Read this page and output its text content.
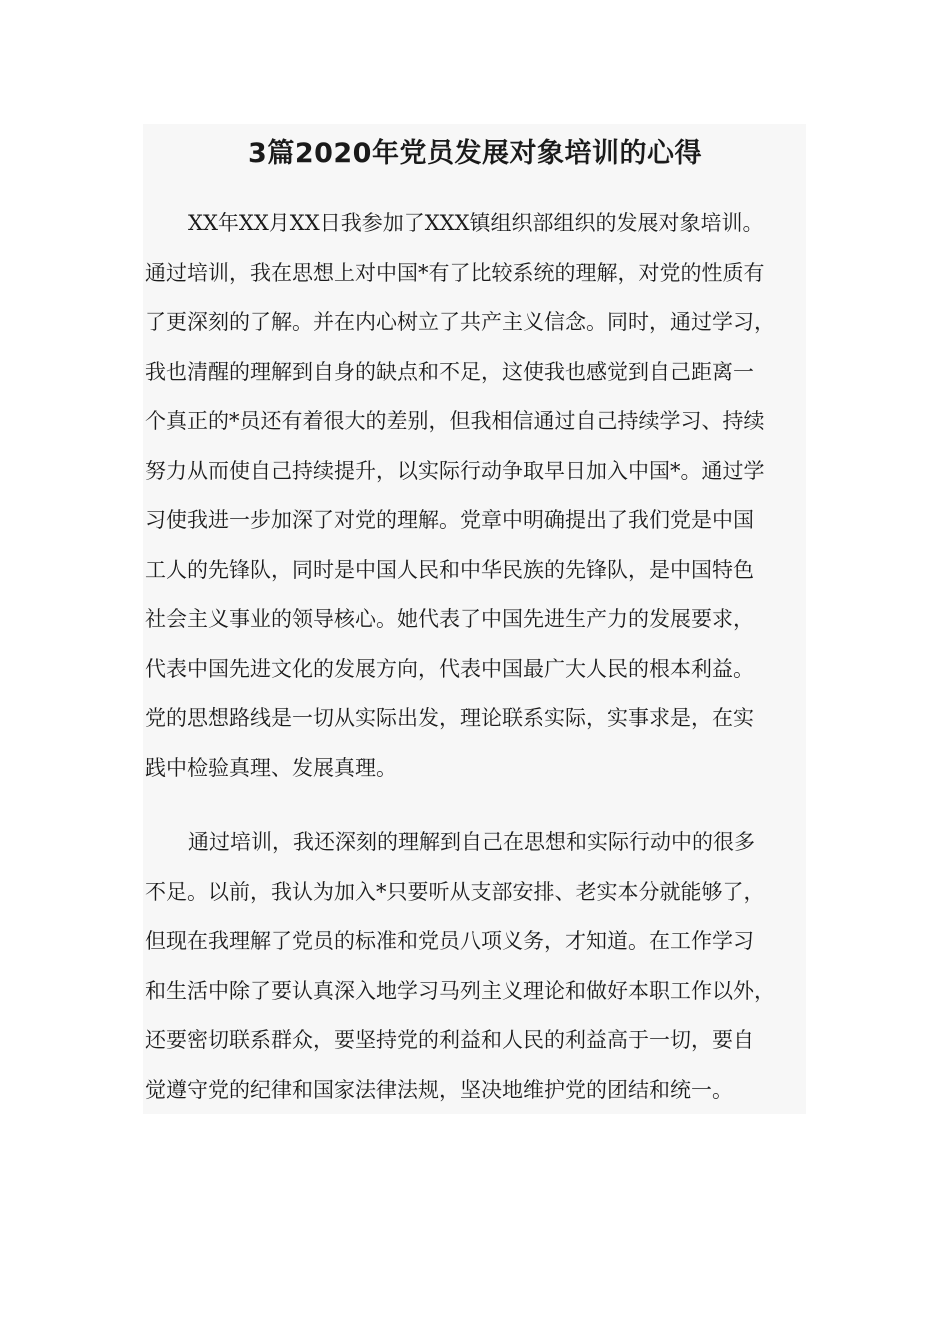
3篇2020年党员发展对象培训的心得

XX年XX月XX日我参加了XXX镇组织部组织的发展对象培训。

通过培训，我在思想上对中国*有了比较系统的理解，对党的性质有

了更深刻的了解。并在内心树立了共产主义信念。同时，通过学习，

我也清醒的理解到自身的缺点和不足，这使我也感觉到自己距离一

个真正的*员还有着很大的差别，但我相信通过自己持续学习、持续

努力从而使自己持续提升，以实际行动争取早日加入中国*。通过学

习使我进一步加深了对党的理解。党章中明确提出了我们党是中国

工人的先锋队，同时是中国人民和中华民族的先锋队，是中国特色

社会主义事业的领导核心。她代表了中国先进生产力的发展要求，

代表中国先进文化的发展方向，代表中国最广大人民的根本利益。

党的思想路线是一切从实际出发，理论联系实际，实事求是，在实

践中检验真理、发展真理。

通过培训，我还深刻的理解到自己在思想和实际行动中的很多

不足。以前，我认为加入*只要听从支部安排、老实本分就能够了，

但现在我理解了党员的标准和党员八项义务，才知道。在工作学习

和生活中除了要认真深入地学习马列主义理论和做好本职工作以外，

还要密切联系群众，要坚持党的利益和人民的利益高于一切，要自

觉遵守党的纪律和国家法律法规，坚决地维护党的团结和统一。
